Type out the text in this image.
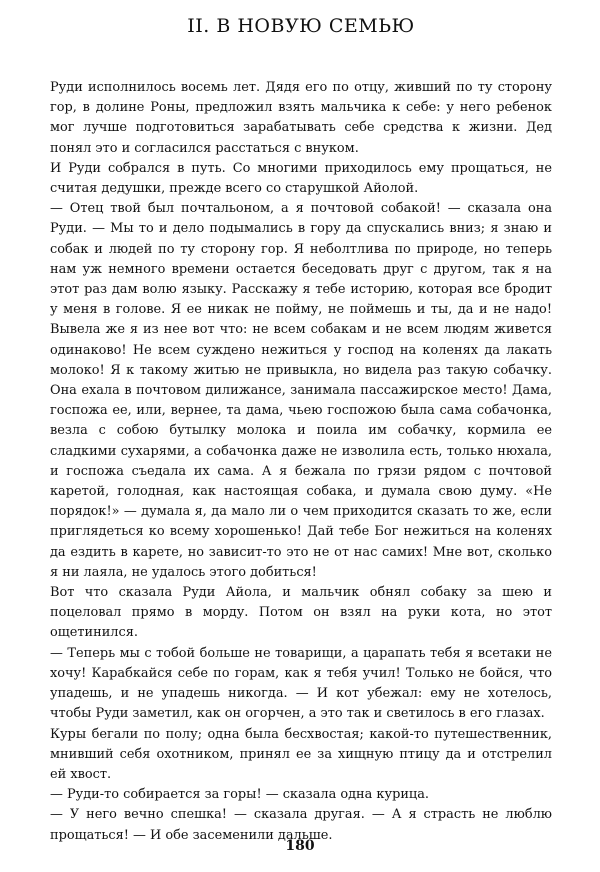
II. В НОВУЮ СЕМЬЮ

Руди исполнилось восемь лет. Дядя его по отцу, живший по ту сторону гор, в долине Роны, предложил взять мальчика к себе: у него ребенок мог лучше подготовиться зарабатывать себе средства к жизни. Дед понял это и согласился расстаться с внуком.

И Руди собрался в путь. Со многими приходилось ему прощаться, не считая дедушки, прежде всего со старушкой Айолой.

— Отец твой был почтальоном, а я почтовой собакой! — сказала она Руди. — Мы то и дело подымались в гору да спускались вниз; я знаю и собак и людей по ту сторону гор. Я неболтлива по природе, но теперь нам уж немного времени остается беседовать друг с другом, так я на этот раз дам волю языку. Расскажу я тебе историю, которая все бродит у меня в голове. Я ее никак не пойму, не поймешь и ты, да и не надо! Вывела же я из нее вот что: не всем собакам и не всем людям живется одинаково! Не всем суждено нежиться у господ на коленях да лакать молоко! Я к такому житью не привыкла, но видела раз такую собачку. Она ехала в почтовом дилижансе, занимала пассажирское место! Дама, госпожа ее, или, вернее, та дама, чьею госпожою была сама собачонка, везла с собою бутылку молока и поила им собачку, кормила ее сладкими сухарями, а собачонка даже не изволила есть, только нюхала, и госпожа съедала их сама. А я бежала по грязи рядом с почтовой каретой, голодная, как настоящая собака, и думала свою думу. «Не порядок!» — думала я, да мало ли о чем приходится сказать то же, если приглядеться ко всему хорошенько! Дай тебе Бог нежиться на коленях да ездить в карете, но зависит-то это не от нас самих! Мне вот, сколько я ни лаяла, не удалось этого добиться!

Вот что сказала Руди Айола, и мальчик обнял собаку за шею и поцеловал прямо в морду. Потом он взял на руки кота, но этот ощетинился.

— Теперь мы с тобой больше не товарищи, а царапать тебя я всетаки не хочу! Карабкайся себе по горам, как я тебя учил! Только не бойся, что упадешь, и не упадешь никогда. — И кот убежал: ему не хотелось, чтобы Руди заметил, как он огорчен, а это так и светилось в его глазах.

Куры бегали по полу; одна была бесхвостая; какой-то путешественник, мнивший себя охотником, принял ее за хищную птицу да и отстрелил ей хвост.

— Руди-то собирается за горы! — сказала одна курица.

— У него вечно спешка! — сказала другая. — А я страсть не люблю прощаться! — И обе засеменили дальше.

180
